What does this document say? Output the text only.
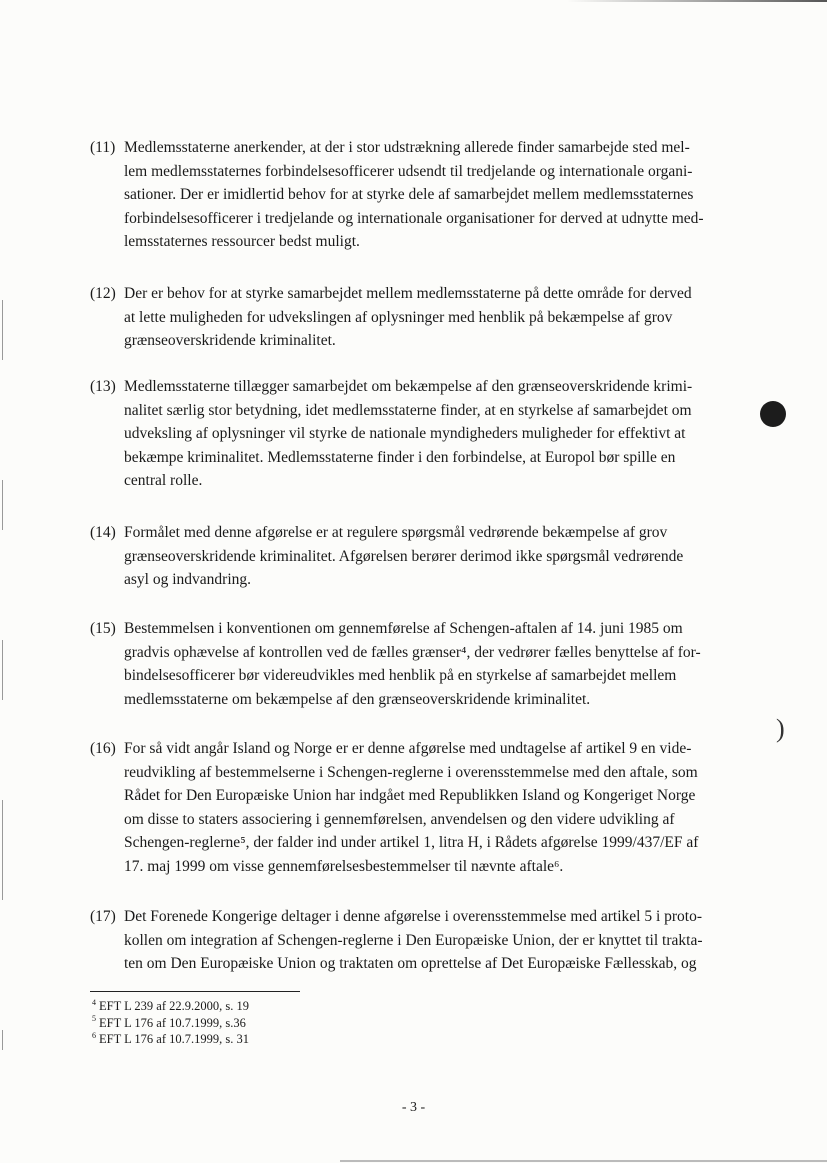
(11) Medlemsstaterne anerkender, at der i stor udstrækning allerede finder samarbejde sted mel-
lem medlemsstaternes forbindelsesofficerer udsendt til tredjelande og internationale organi-
sationer. Der er imidlertid behov for at styrke dele af samarbejdet mellem medlemsstaternes
forbindelsesofficerer i tredjelande og internationale organisationer for derved at udnytte med-
lemsstaternes ressourcer bedst muligt.
(12) Der er behov for at styrke samarbejdet mellem medlemsstaterne på dette område for derved
at lette muligheden for udvekslingen af oplysninger med henblik på bekæmpelse af grov
grænseoverskridende kriminalitet.
(13) Medlemsstaterne tillægger samarbejdet om bekæmpelse af den grænseoverskridende krimi-
nalitet særlig stor betydning, idet medlemsstaterne finder, at en styrkelse af samarbejdet om
udveksling af oplysninger vil styrke de nationale myndigheders muligheder for effektivt at
bekæmpe kriminalitet. Medlemsstaterne finder i den forbindelse, at Europol bør spille en
central rolle.
(14) Formålet med denne afgørelse er at regulere spørgsmål vedrørende bekæmpelse af grov
grænseoverskridende kriminalitet. Afgørelsen berører derimod ikke spørgsmål vedrørende
asyl og indvandring.
(15) Bestemmelsen i konventionen om gennemførelse af Schengen-aftalen af 14. juni 1985 om
gradvis ophævelse af kontrollen ved de fælles grænser⁴, der vedrører fælles benyttelse af for-
bindelsesofficerer bør videreudvikles med henblik på en styrkelse af samarbejdet mellem
medlemsstaterne om bekæmpelse af den grænseoverskridende kriminalitet.
(16) For så vidt angår Island og Norge er er denne afgørelse med undtagelse af artikel 9 en vide-
reudvikling af bestemmelserne i Schengen-reglerne i overensstemmelse med den aftale, som
Rådet for Den Europæiske Union har indgået med Republikken Island og Kongeriget Norge
om disse to staters associering i gennemførelsen, anvendelsen og den videre udvikling af
Schengen-reglerne⁵, der falder ind under artikel 1, litra H, i Rådets afgørelse 1999/437/EF af
17. maj 1999 om visse gennemførelsesbestemmelser til nævnte aftale⁶.
(17) Det Forenede Kongerige deltager i denne afgørelse i overensstemmelse med artikel 5 i proto-
kollen om integration af Schengen-reglerne i Den Europæiske Union, der er knyttet til trakta-
ten om Den Europæiske Union og traktaten om oprettelse af Det Europæiske Fællesskab, og
)
$^4$ EFT L 239 af 22.9.2000, s. 19
$^5$ EFT L 176 af 10.7.1999, s.36
$^6$ EFT L 176 af 10.7.1999, s. 31
- 3 -
